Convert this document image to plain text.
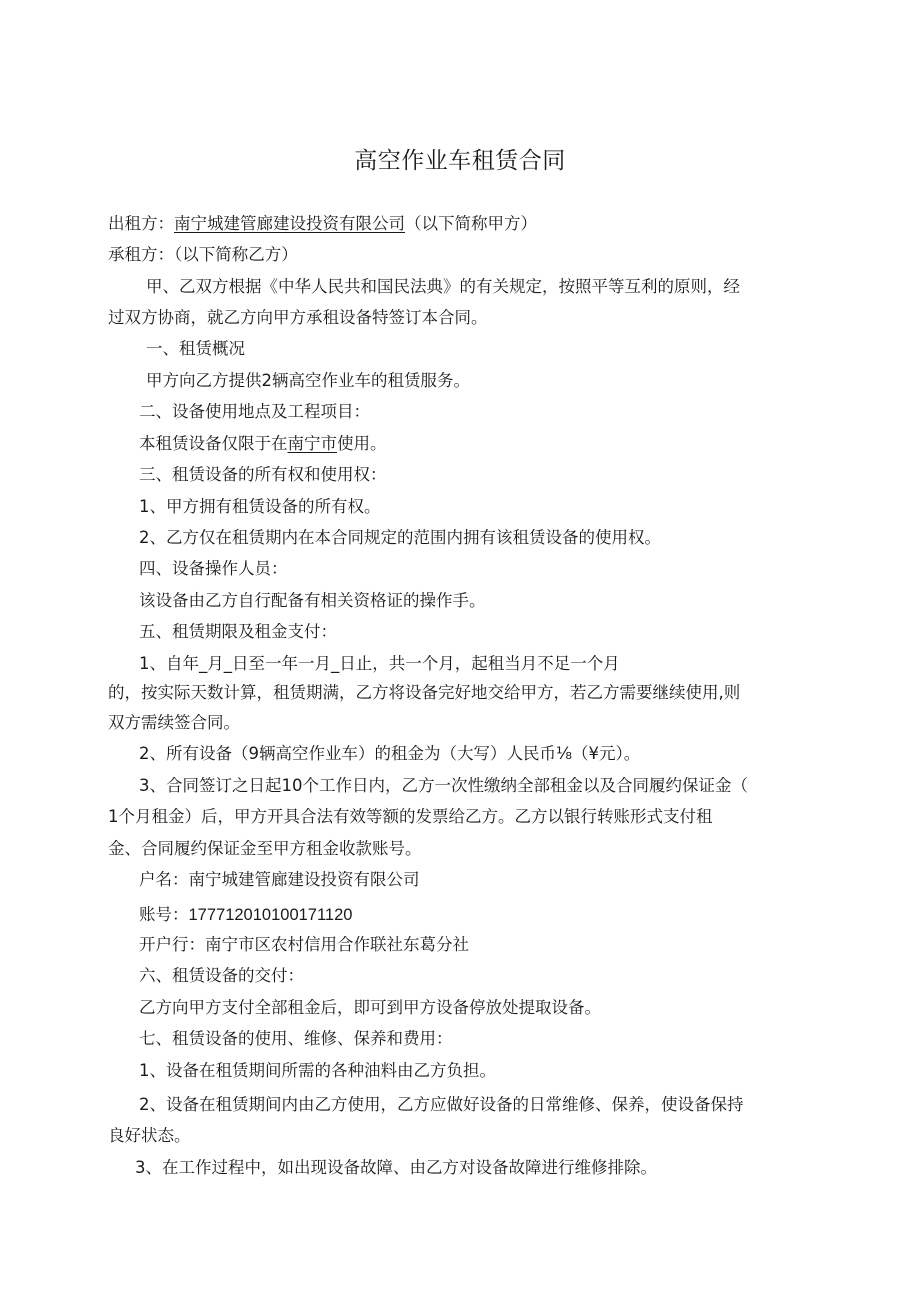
高空作业车租赁合同
出租方：南宁城建管廊建设投资有限公司（以下简称甲方）
承租方：（以下简称乙方）
甲、乙双方根据《中华人民共和国民法典》的有关规定，按照平等互利的原则，经
过双方协商，就乙方向甲方承租设备特签订本合同。
一、租赁概况
甲方向乙方提供2辆高空作业车的租赁服务。
二、设备使用地点及工程项目：
本租赁设备仅限于在南宁市使用。
三、租赁设备的所有权和使用权：
1、甲方拥有租赁设备的所有权。
2、乙方仅在租赁期内在本合同规定的范围内拥有该租赁设备的使用权。
四、设备操作人员：
该设备由乙方自行配备有相关资格证的操作手。
五、租赁期限及租金支付：
1、自年_月_日至一年一月_日止，共一个月，起租当月不足一个月
的，按实际天数计算，租赁期满，乙方将设备完好地交给甲方，若乙方需要继续使用,则
双方需续签合同。
2、所有设备（9辆高空作业车）的租金为（大写）人民币⅛（¥元）。
3、合同签订之日起10个工作日内，乙方一次性缴纳全部租金以及合同履约保证金（
1个月租金）后，甲方开具合法有效等额的发票给乙方。乙方以银行转账形式支付租
金、合同履约保证金至甲方租金收款账号。
户名：南宁城建管廊建设投资有限公司
账号：177712010100171120
开户行：南宁市区农村信用合作联社东葛分社
六、租赁设备的交付：
乙方向甲方支付全部租金后，即可到甲方设备停放处提取设备。
七、租赁设备的使用、维修、保养和费用：
1、设备在租赁期间所需的各种油料由乙方负担。
2、设备在租赁期间内由乙方使用，乙方应做好设备的日常维修、保养，使设备保持
良好状态。
3、在工作过程中，如出现设备故障、由乙方对设备故障进行维修排除。
